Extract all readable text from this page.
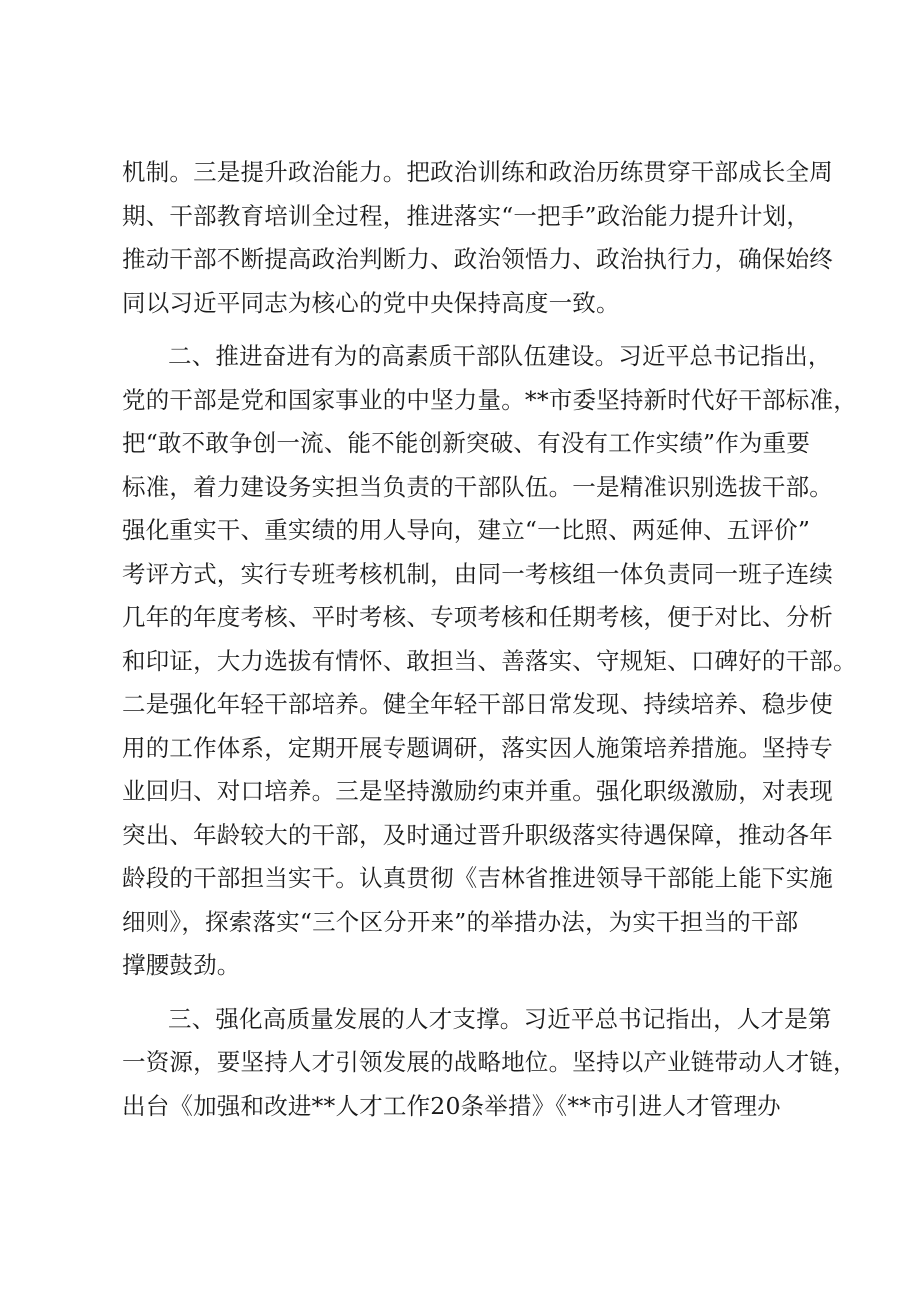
机制。三是提升政治能力。把政治训练和政治历练贯穿干部成长全周
期、干部教育培训全过程，推进落实“一把手”政治能力提升计划，
推动干部不断提高政治判断力、政治领悟力、政治执行力，确保始终
同以习近平同志为核心的党中央保持高度一致。
二、推进奋进有为的高素质干部队伍建设。习近平总书记指出，
党的干部是党和国家事业的中坚力量。**市委坚持新时代好干部标准，
把“敢不敢争创一流、能不能创新突破、有没有工作实绩”作为重要
标准，着力建设务实担当负责的干部队伍。一是精准识别选拔干部。
强化重实干、重实绩的用人导向，建立“一比照、两延伸、五评价”
考评方式，实行专班考核机制，由同一考核组一体负责同一班子连续
几年的年度考核、平时考核、专项考核和任期考核，便于对比、分析
和印证，大力选拔有情怀、敢担当、善落实、守规矩、口碑好的干部。
二是强化年轻干部培养。健全年轻干部日常发现、持续培养、稳步使
用的工作体系，定期开展专题调研，落实因人施策培养措施。坚持专
业回归、对口培养。三是坚持激励约束并重。强化职级激励，对表现
突出、年龄较大的干部，及时通过晋升职级落实待遇保障，推动各年
龄段的干部担当实干。认真贯彻《吉林省推进领导干部能上能下实施
细则》，探索落实“三个区分开来”的举措办法，为实干担当的干部
撑腰鼓劲。
三、强化高质量发展的人才支撑。习近平总书记指出，人才是第
一资源，要坚持人才引领发展的战略地位。坚持以产业链带动人才链，
出台《加强和改进**人才工作20条举措》《**市引进人才管理办
